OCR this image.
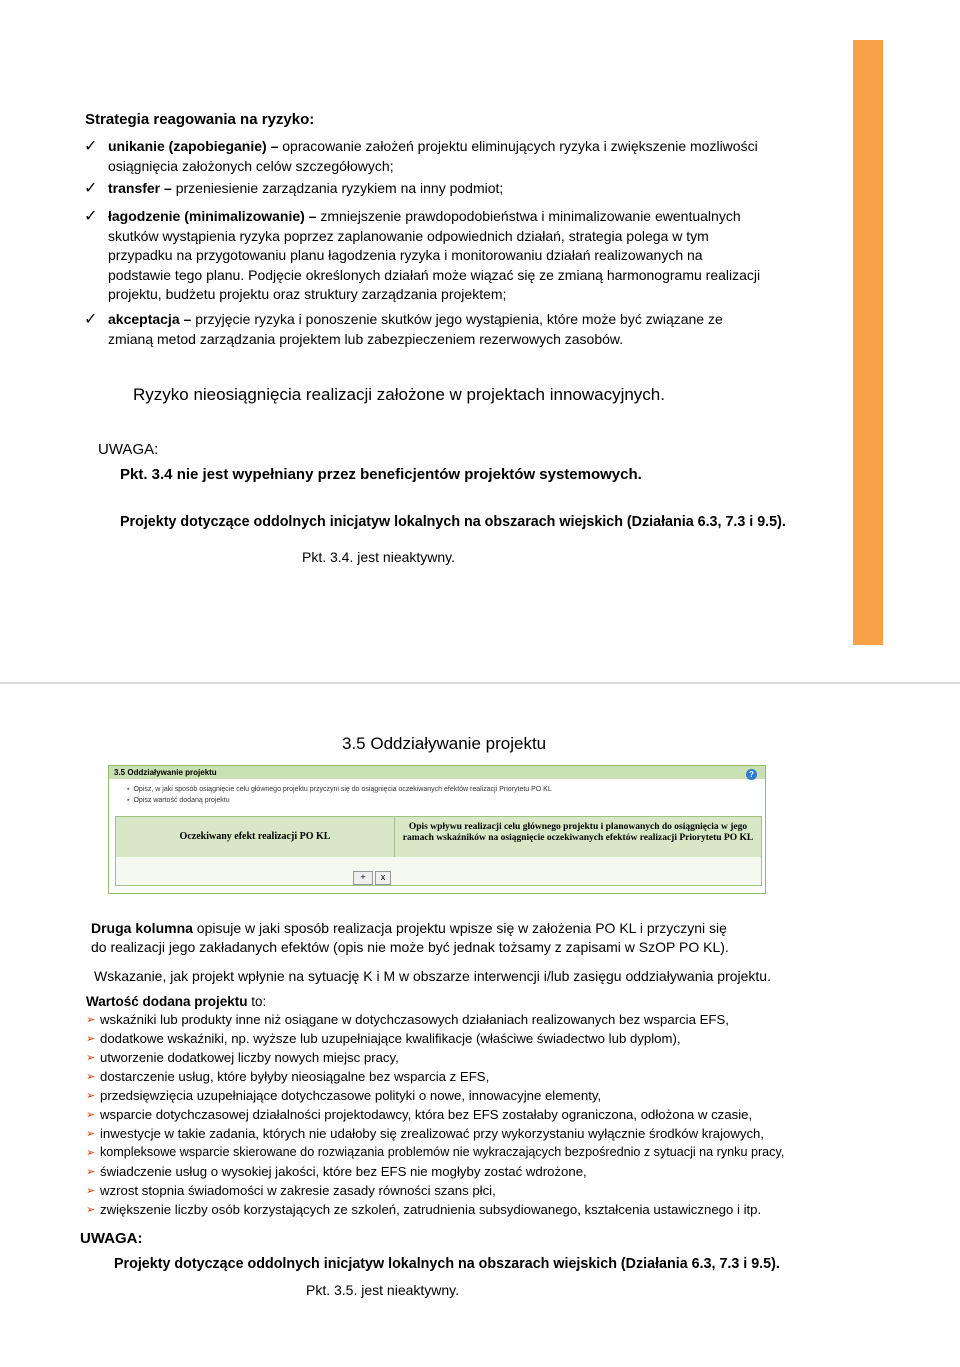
Strategia reagowania na ryzyko:
✓ unikanie (zapobieganie) – opracowanie założeń projektu eliminujących ryzyka i zwiększenie mozliwości
osiągnięcia założonych celów szczegółowych;
✓ transfer – przeniesienie zarządzania ryzykiem na inny podmiot;
✓ łagodzenie (minimalizowanie) – zmniejszenie prawdopodobieństwa i minimalizowanie ewentualnych
skutków wystąpienia ryzyka poprzez zaplanowanie odpowiednich działań, strategia polega w tym
przypadku na przygotowaniu planu łagodzenia ryzyka i monitorowaniu działań realizowanych na
podstawie tego planu. Podjęcie określonych działań może wiązać się ze zmianą harmonogramu realizacji
projektu, budżetu projektu oraz struktury zarządzania projektem;
✓ akceptacja – przyjęcie ryzyka i ponoszenie skutków jego wystąpienia, które może być związane ze
zmianą metod zarządzania projektem lub zabezpieczeniem rezerwowych zasobów.
Ryzyko nieosiągnięcia realizacji założone w projektach innowacyjnych.
UWAGA:
Pkt. 3.4 nie jest wypełniany przez beneficjentów projektów systemowych.
Projekty dotyczące oddolnych inicjatyw lokalnych na obszarach wiejskich (Działania 6.3, 7.3 i 9.5).
Pkt. 3.4. jest nieaktywny.
3.5 Oddziaływanie projektu
3.5 Oddziaływanie projektu	?
▪ Opisz, w jaki sposób osiągnięcie celu głównego projektu przyczyni się do osiągnięcia oczekiwanych efektów realizacji Priorytetu PO KL
▪ Opisz wartość dodaną projektu
Oczekiwany efekt realizacji PO KL
Opis wpływu realizacji celu głównego projektu i planowanych do osiągnięcia w jego
ramach wskaźników na osiągnięcie oczekiwanych efektów realizacji Priorytetu PO KL
+	x
Druga kolumna opisuje w jaki sposób realizacja projektu wpisze się w założenia PO KL i przyczyni się
do realizacji jego zakładanych efektów (opis nie może być jednak tożsamy z zapisami w SzOP PO KL).
Wskazanie, jak projekt wpłynie na sytuację K i M w obszarze interwencji i/lub zasięgu oddziaływania projektu.
Wartość dodana projektu to:
➢ wskaźniki lub produkty inne niż osiągane w dotychczasowych działaniach realizowanych bez wsparcia EFS,
➢ dodatkowe wskaźniki, np. wyższe lub uzupełniające kwalifikacje (właściwe świadectwo lub dyplom),
➢ utworzenie dodatkowej liczby nowych miejsc pracy,
➢ dostarczenie usług, które byłyby nieosiągalne bez wsparcia z EFS,
➢ przedsięwzięcia uzupełniające dotychczasowe polityki o nowe, innowacyjne elementy,
➢ wsparcie dotychczasowej działalności projektodawcy, która bez EFS zostałaby ograniczona, odłożona w czasie,
➢ inwestycje w takie zadania, których nie udałoby się zrealizować przy wykorzystaniu wyłącznie środków krajowych,
➢ kompleksowe wsparcie skierowane do rozwiązania problemów nie wykraczających bezpośrednio z sytuacji na rynku pracy,
➢ świadczenie usług o wysokiej jakości, które bez EFS nie mogłyby zostać wdrożone,
➢ wzrost stopnia świadomości w zakresie zasady równości szans płci,
➢ zwiększenie liczby osób korzystających ze szkoleń, zatrudnienia subsydiowanego, kształcenia ustawicznego i itp.
UWAGA:
Projekty dotyczące oddolnych inicjatyw lokalnych na obszarach wiejskich (Działania 6.3, 7.3 i 9.5).
Pkt. 3.5. jest nieaktywny.
